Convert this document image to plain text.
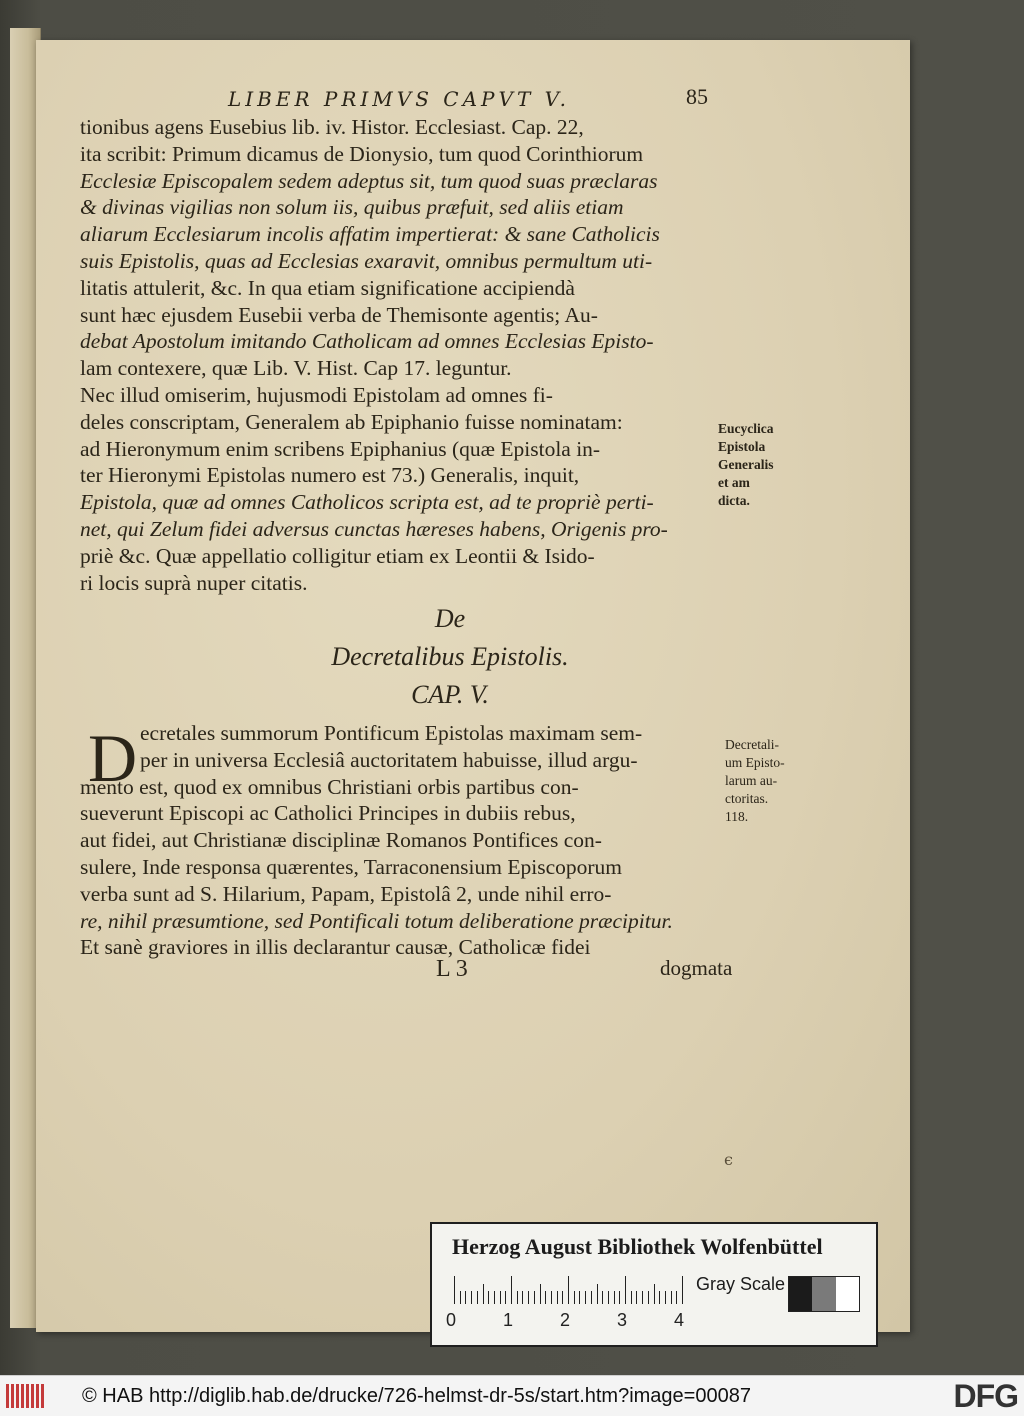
LIBER PRIMVS CAPVT V.	85
tionibus agens Eusebius lib. iv. Histor. Ecclesiast. Cap. 22,
ita scribit: Primum dicamus de Dionysio, tum quod Corinthiorum
Ecclesiæ Episcopalem sedem adeptus sit, tum quod suas præclaras
& divinas vigilias non solum iis, quibus præfuit, sed aliis etiam
aliarum Ecclesiarum incolis affatim impertierat: & sane Catholicis
suis Epistolis, quas ad Ecclesias exaravit, omnibus permultum uti-
litatis attulerit, &c. In qua etiam significatione accipiendà
sunt hæc ejusdem Eusebii verba de Themisonte agentis; Au-
debat Apostolum imitando Catholicam ad omnes Ecclesias Episto-
lam contexere, quæ Lib. V. Hist. Cap 17. leguntur.
Nec illud omiserim, hujusmodi Epistolam ad omnes fi-
deles conscriptam, Generalem ab Epiphanio fuisse nominatam:
ad Hieronymum enim scribens Epiphanius (quæ Epistola in-
ter Hieronymi Epistolas numero est 73.) Generalis, inquit,
Epistola, quæ ad omnes Catholicos scripta est, ad te propriè perti-
net, qui Zelum fidei adversus cunctas hæreses habens, Origenis pro-
priè &c. Quæ appellatio colligitur etiam ex Leontii & Isido-
ri locis suprà nuper citatis.
De
Decretalibus Epistolis.
CAP. V.
D ecretales summorum Pontificum Epistolas maximam sem-
per in universa Ecclesiâ auctoritatem habuisse, illud argu-
mento est, quod ex omnibus Christiani orbis partibus con-
sueverunt Episcopi ac Catholici Principes in dubiis rebus,
aut fidei, aut Christianæ disciplinæ Romanos Pontifices con-
sulere, Inde responsa quærentes, Tarraconensium Episcoporum
verba sunt ad S. Hilarium, Papam, Epistolâ 2, unde nihil erro-
re, nihil præsumtione, sed Pontificali totum deliberatione præcipitur.
Et sanè graviores in illis declarantur causæ, Catholicæ fidei
Eucyclica
Epistola
Generalis
et am
dicta.
Decretali-
um Episto-
larum au-
ctoritas.
118.
L 3	dogmata
ϵ
Herzog August Bibliothek Wolfenbüttel
0	1	2	3	4
Gray Scale
© HAB http://diglib.hab.de/drucke/726-helmst-dr-5s/start.htm?image=00087	DFG
